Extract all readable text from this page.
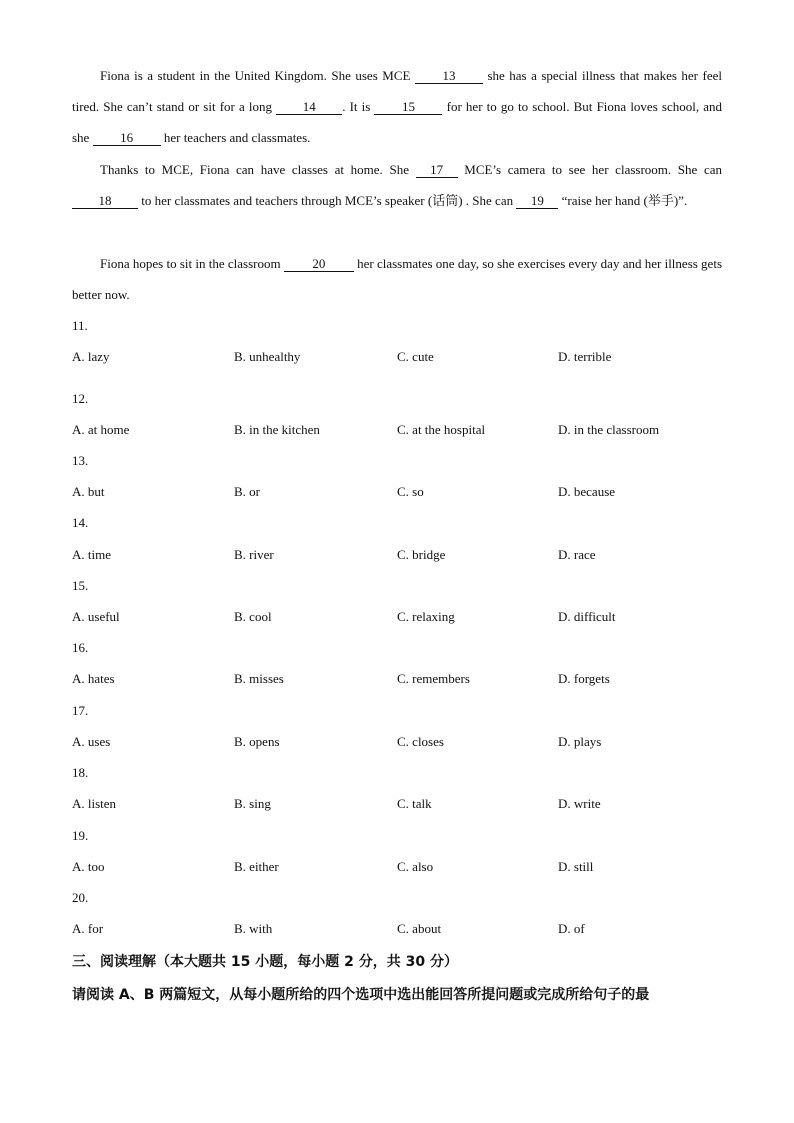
Fiona is a student in the United Kingdom. She uses MCE 13 she has a special illness that makes her feel tired. She can’t stand or sit for a long 14 . It is 15 for her to go to school. But Fiona loves school, and she 16 her teachers and classmates.
Thanks to MCE, Fiona can have classes at home. She 17 MCE’s camera to see her classroom. She can 18 to her classmates and teachers through MCE’s speaker (话筒) . She can 19 “raise her hand (举手)”.
Fiona hopes to sit in the classroom 20 her classmates one day, so she exercises every day and her illness gets better now.
11.
A. lazy	B. unhealthy	C. cute	D. terrible
12.
A. at home	B. in the kitchen	C. at the hospital	D. in the classroom
13.
A. but	B. or	C. so	D. because
14.
A. time	B. river	C. bridge	D. race
15.
A. useful	B. cool	C. relaxing	D. difficult
16.
A. hates	B. misses	C. remembers	D. forgets
17.
A. uses	B. opens	C. closes	D. plays
18.
A. listen	B. sing	C. talk	D. write
19.
A. too	B. either	C. also	D. still
20.
A. for	B. with	C. about	D. of
三、阅读理解（本大题共 15 小题，每小题 2 分，共 30 分）
请阅读 A、B 两篇短文，从每小题所给的四个选项中选出能回答所提问题或完成所给句子的最
